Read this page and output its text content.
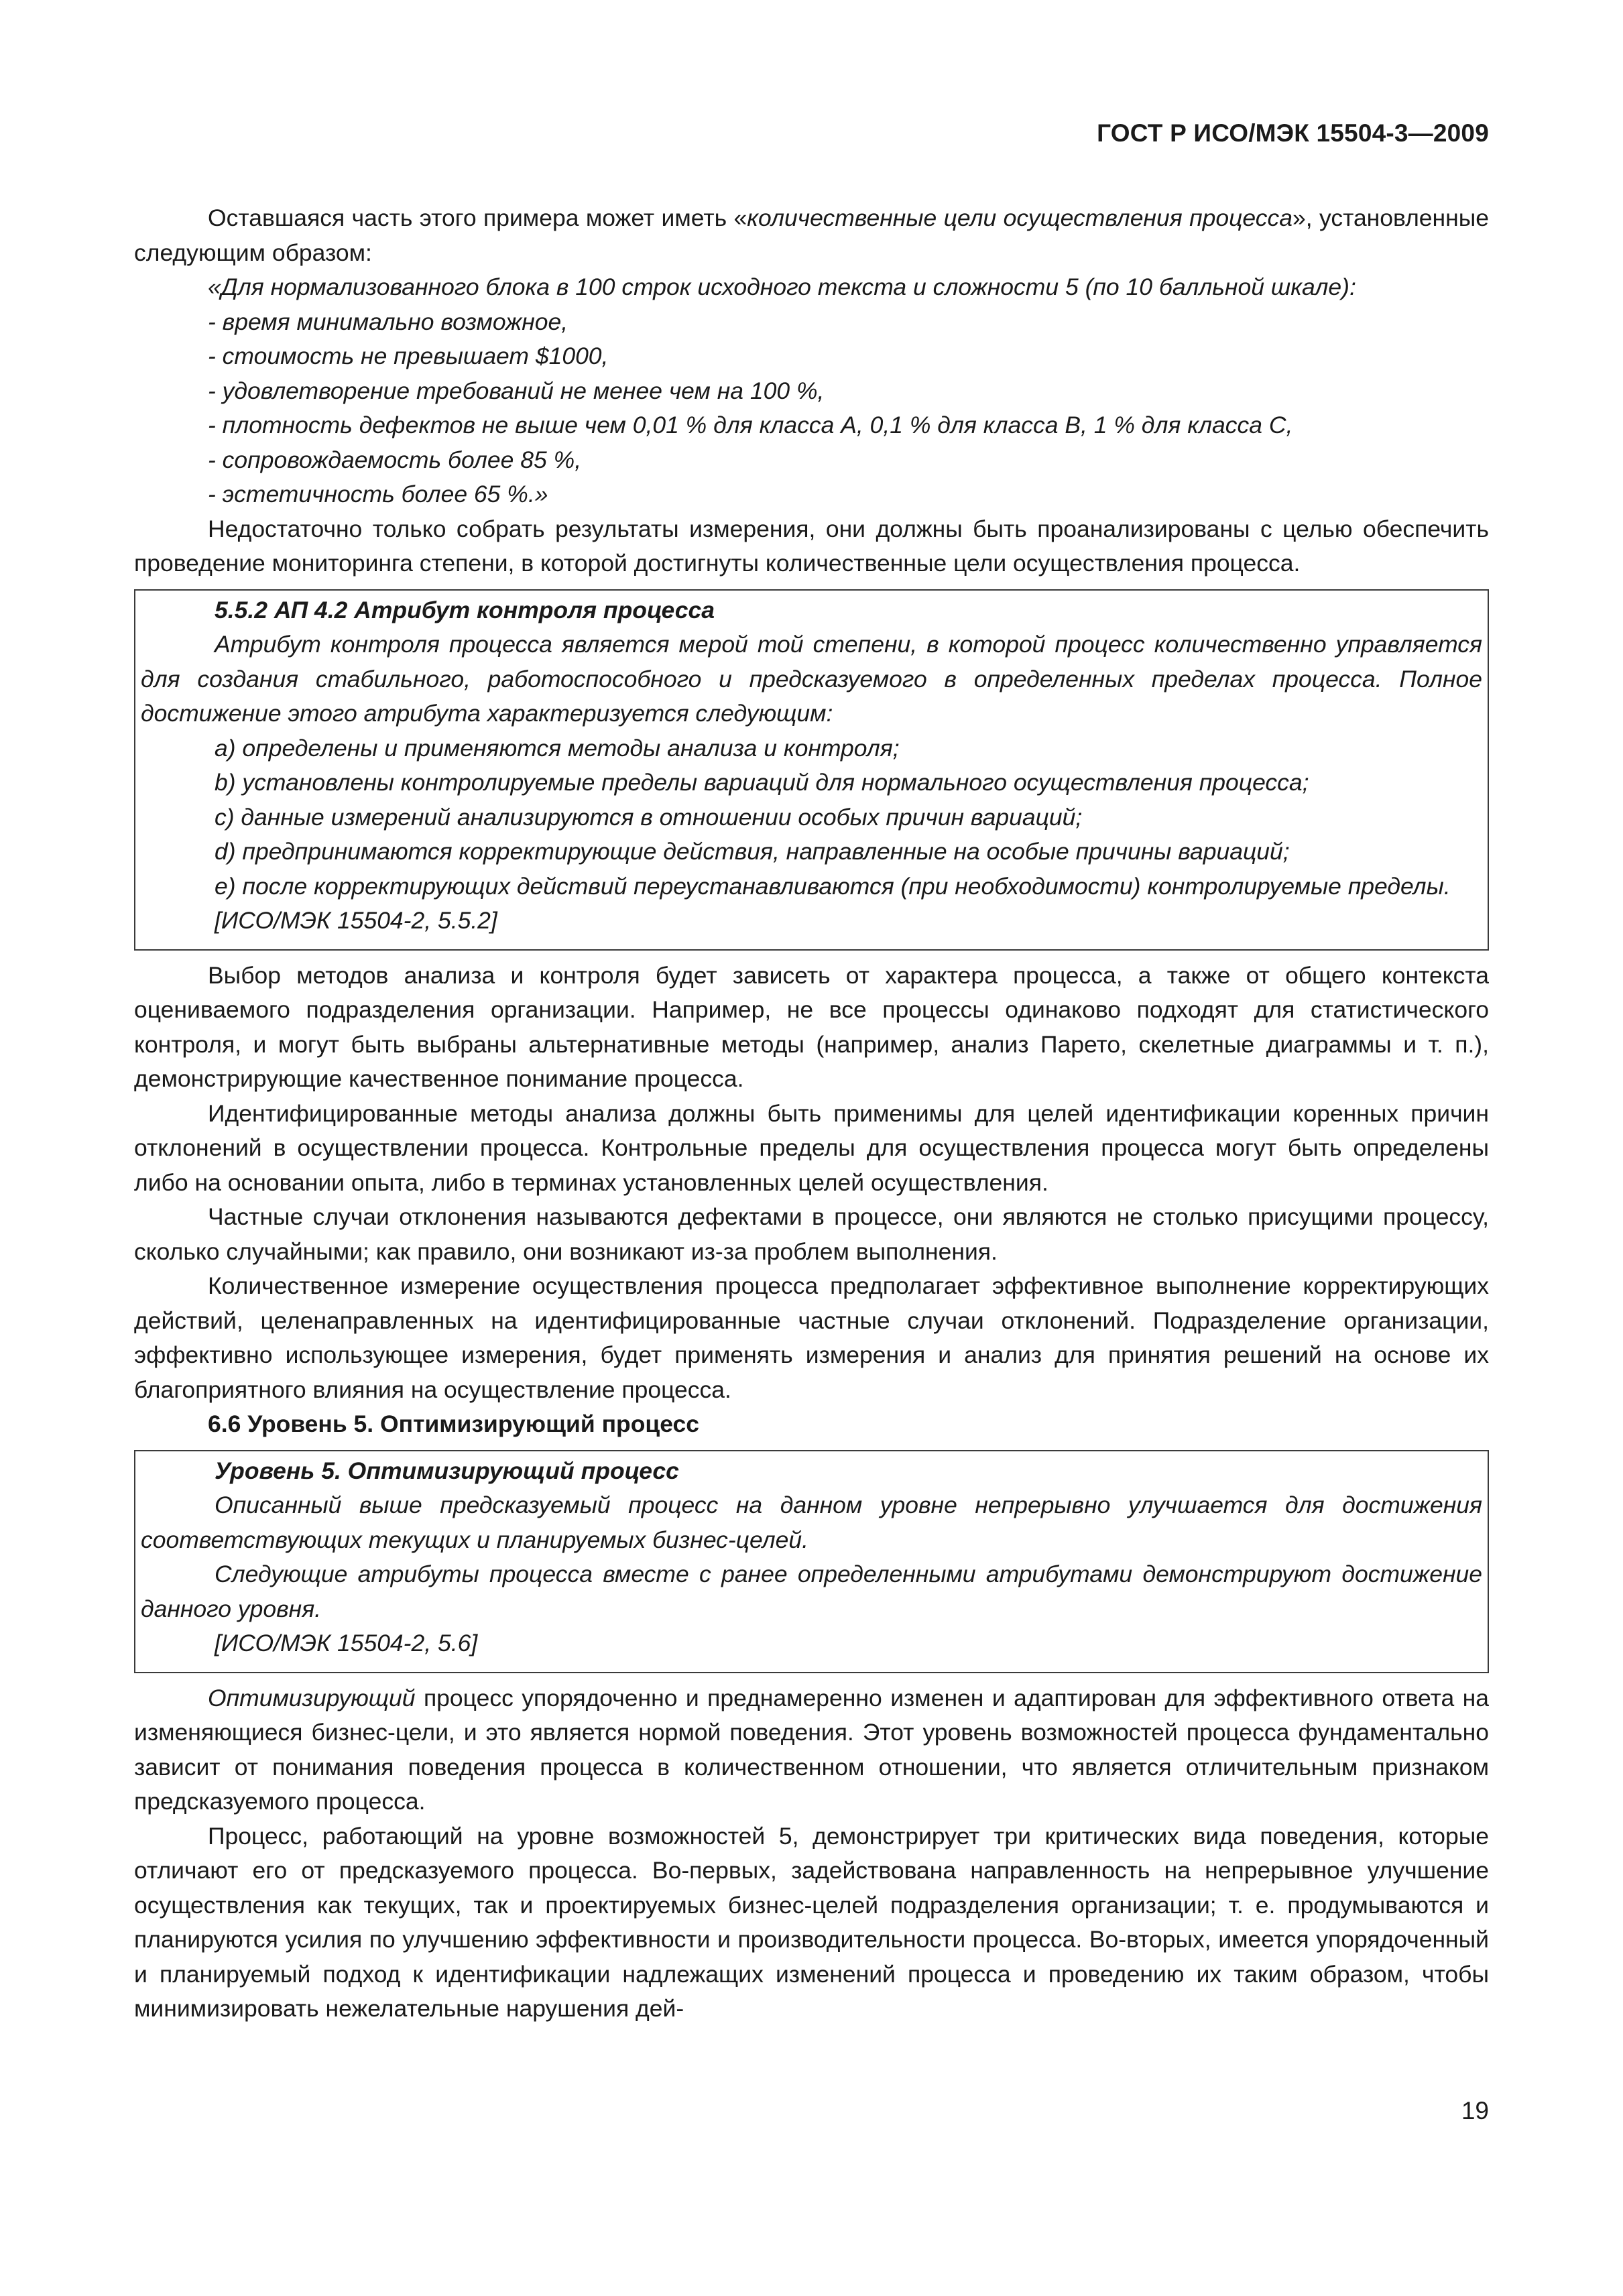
ГОСТ Р ИСО/МЭК 15504-3—2009

Оставшаяся часть этого примера может иметь «количественные цели осуществления процесса», установленные следующим образом:

«Для нормализованного блока в 100 строк исходного текста и сложности 5 (по 10 балльной шкале):

- время минимально возможное,

- стоимость не превышает $1000,

- удовлетворение требований не менее чем на 100 %,

- плотность дефектов не выше чем 0,01 % для класса А, 0,1 % для класса В, 1 % для класса С,

- сопровождаемость более 85 %,

- эстетичность более 65 %.»

Недостаточно только собрать результаты измерения, они должны быть проанализированы с целью обеспечить проведение мониторинга степени, в которой достигнуты количественные цели осуществления процесса.

5.5.2 АП 4.2 Атрибут контроля процесса

Атрибут контроля процесса является мерой той степени, в которой процесс количественно управляется для создания стабильного, работоспособного и предсказуемого в определенных пределах процесса. Полное достижение этого атрибута характеризуется следующим:

a) определены и применяются методы анализа и контроля;

b) установлены контролируемые пределы вариаций для нормального осуществления процесса;

c) данные измерений анализируются в отношении особых причин вариаций;

d) предпринимаются корректирующие действия, направленные на особые причины вариаций;

e) после корректирующих действий переустанавливаются (при необходимости) контролируемые пределы.

[ИСО/МЭК 15504-2, 5.5.2]

Выбор методов анализа и контроля будет зависеть от характера процесса, а также от общего контекста оцениваемого подразделения организации. Например, не все процессы одинаково подходят для статистического контроля, и могут быть выбраны альтернативные методы (например, анализ Парето, скелетные диаграммы и т. п.), демонстрирующие качественное понимание процесса.

Идентифицированные методы анализа должны быть применимы для целей идентификации коренных причин отклонений в осуществлении процесса. Контрольные пределы для осуществления процесса могут быть определены либо на основании опыта, либо в терминах установленных целей осуществления.

Частные случаи отклонения называются дефектами в процессе, они являются не столько присущими процессу, сколько случайными; как правило, они возникают из-за проблем выполнения.

Количественное измерение осуществления процесса предполагает эффективное выполнение корректирующих действий, целенаправленных на идентифицированные частные случаи отклонений. Подразделение организации, эффективно использующее измерения, будет применять измерения и анализ для принятия решений на основе их благоприятного влияния на осуществление процесса.

6.6 Уровень 5. Оптимизирующий процесс

Уровень 5. Оптимизирующий процесс

Описанный выше предсказуемый процесс на данном уровне непрерывно улучшается для достижения соответствующих текущих и планируемых бизнес-целей.

Следующие атрибуты процесса вместе с ранее определенными атрибутами демонстрируют достижение данного уровня.

[ИСО/МЭК 15504-2, 5.6]

Оптимизирующий процесс упорядоченно и преднамеренно изменен и адаптирован для эффективного ответа на изменяющиеся бизнес-цели, и это является нормой поведения. Этот уровень возможностей процесса фундаментально зависит от понимания поведения процесса в количественном отношении, что является отличительным признаком предсказуемого процесса.

Процесс, работающий на уровне возможностей 5, демонстрирует три критических вида поведения, которые отличают его от предсказуемого процесса. Во-первых, задействована направленность на непрерывное улучшение осуществления как текущих, так и проектируемых бизнес-целей подразделения организации; т. е. продумываются и планируются усилия по улучшению эффективности и производительности процесса. Во-вторых, имеется упорядоченный и планируемый подход к идентификации надлежащих изменений процесса и проведению их таким образом, чтобы минимизировать нежелательные нарушения дей-

19
